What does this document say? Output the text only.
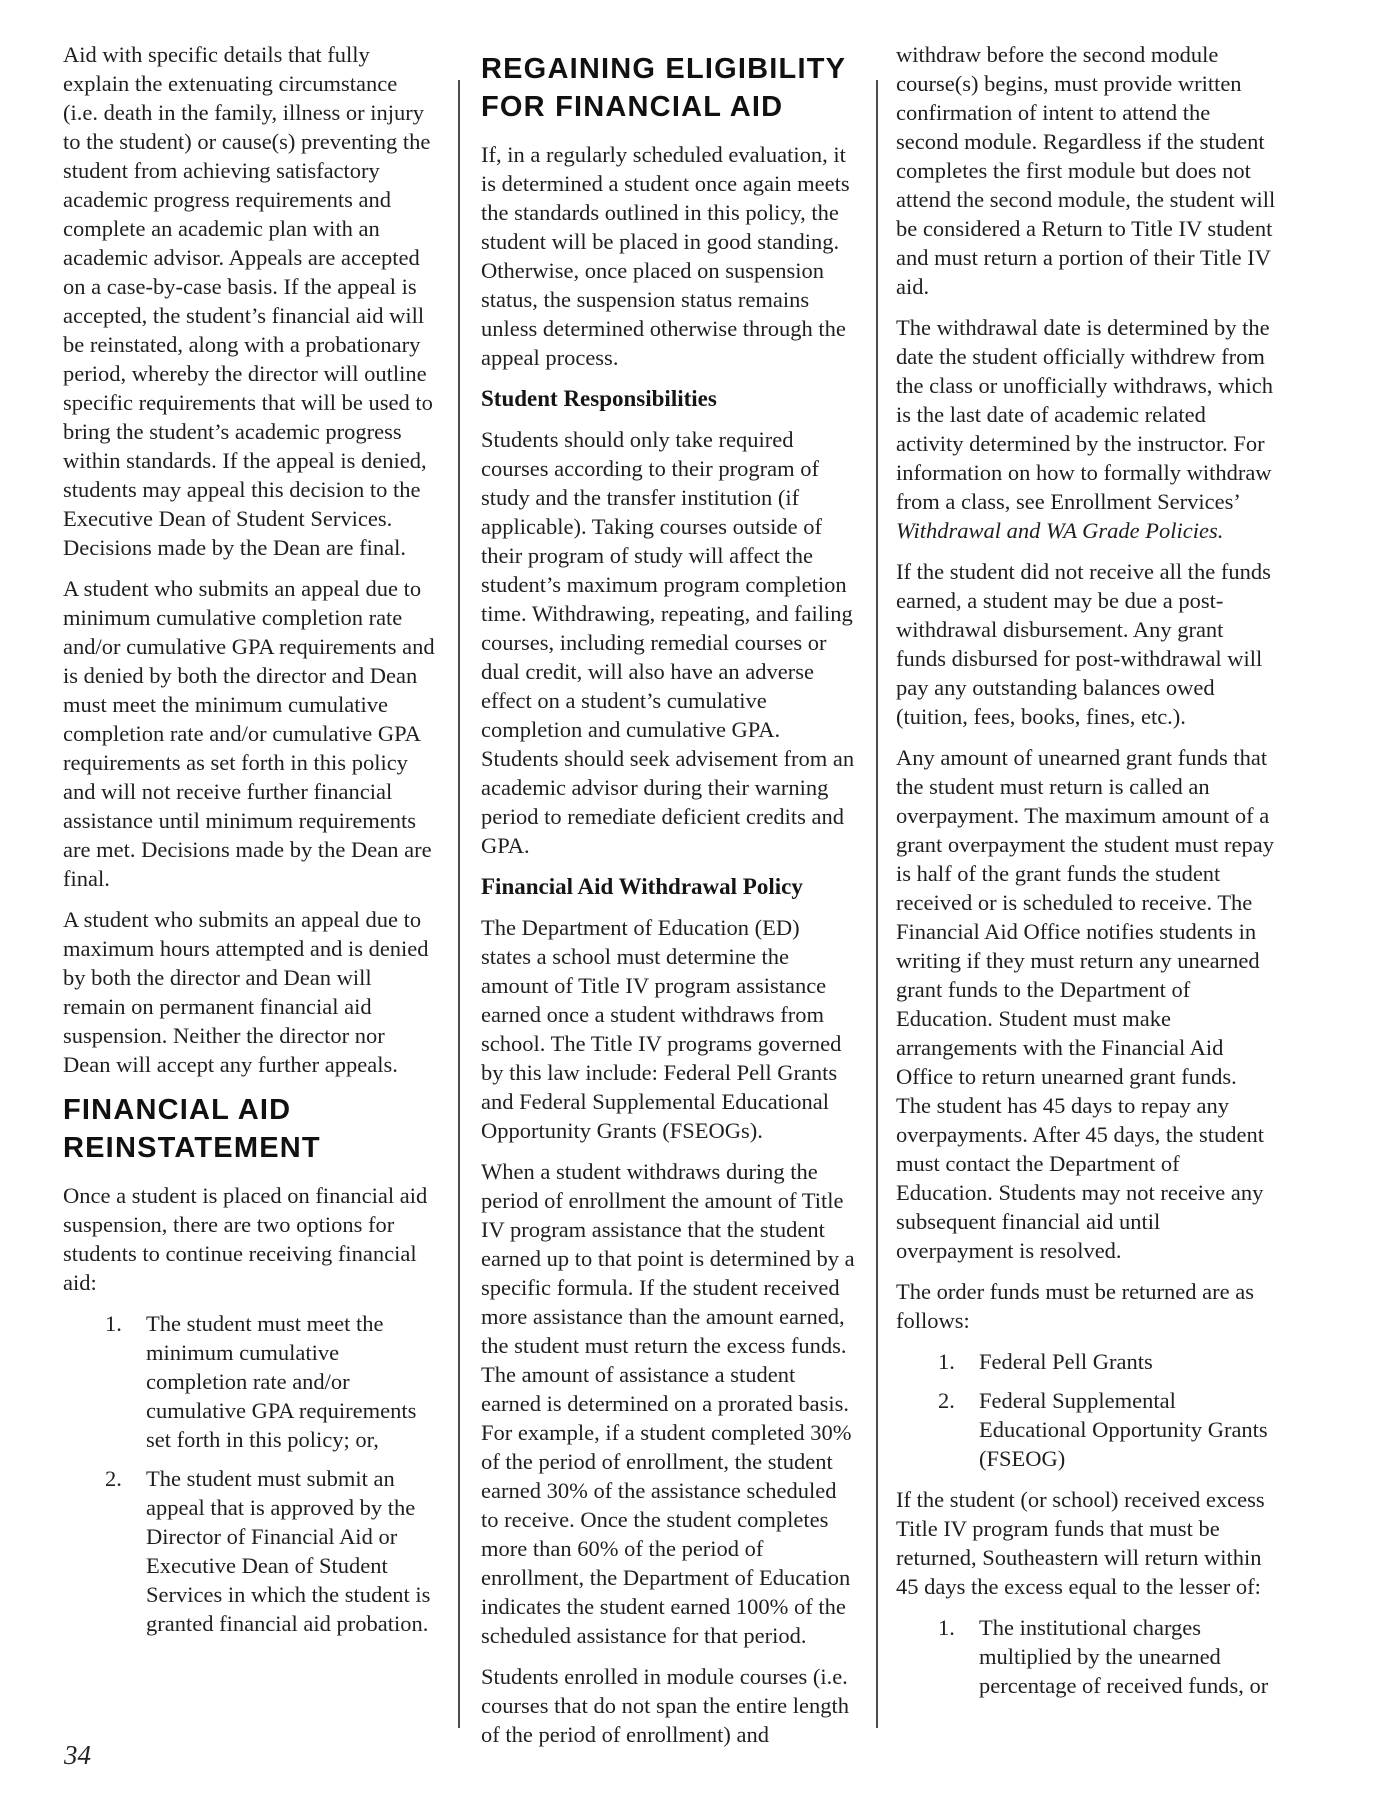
Aid with specific details that fully explain the extenuating circumstance (i.e. death in the family, illness or injury to the student) or cause(s) preventing the student from achieving satisfactory academic progress requirements and complete an academic plan with an academic advisor. Appeals are accepted on a case-by-case basis. If the appeal is accepted, the student’s financial aid will be reinstated, along with a probationary period, whereby the director will outline specific requirements that will be used to bring the student’s academic progress within standards. If the appeal is denied, students may appeal this decision to the Executive Dean of Student Services. Decisions made by the Dean are final.

A student who submits an appeal due to minimum cumulative completion rate and/or cumulative GPA requirements and is denied by both the director and Dean must meet the minimum cumulative completion rate and/or cumulative GPA requirements as set forth in this policy and will not receive further financial assistance until minimum requirements are met. Decisions made by the Dean are final.

A student who submits an appeal due to maximum hours attempted and is denied by both the director and Dean will remain on permanent financial aid suspension. Neither the director nor Dean will accept any further appeals.

FINANCIAL AID REINSTATEMENT

Once a student is placed on financial aid suspension, there are two options for students to continue receiving financial aid:

1.	The student must meet the minimum cumulative completion rate and/or cumulative GPA requirements set forth in this policy; or,
2.	The student must submit an appeal that is approved by the Director of Financial Aid or Executive Dean of Student Services in which the student is granted financial aid probation.
REGAINING ELIGIBILITY FOR FINANCIAL AID

If, in a regularly scheduled evaluation, it is determined a student once again meets the standards outlined in this policy, the student will be placed in good standing. Otherwise, once placed on suspension status, the suspension status remains unless determined otherwise through the appeal process.

Student Responsibilities

Students should only take required courses according to their program of study and the transfer institution (if applicable). Taking courses outside of their program of study will affect the student’s maximum program completion time. Withdrawing, repeating, and failing courses, including remedial courses or dual credit, will also have an adverse effect on a student’s cumulative completion and cumulative GPA. Students should seek advisement from an academic advisor during their warning period to remediate deficient credits and GPA.

Financial Aid Withdrawal Policy

The Department of Education (ED) states a school must determine the amount of Title IV program assistance earned once a student withdraws from school. The Title IV programs governed by this law include: Federal Pell Grants and Federal Supplemental Educational Opportunity Grants (FSEOGs).

When a student withdraws during the period of enrollment the amount of Title IV program assistance that the student earned up to that point is determined by a specific formula. If the student received more assistance than the amount earned, the student must return the excess funds. The amount of assistance a student earned is determined on a prorated basis. For example, if a student completed 30% of the period of enrollment, the student earned 30% of the assistance scheduled to receive. Once the student completes more than 60% of the period of enrollment, the Department of Education indicates the student earned 100% of the scheduled assistance for that period.

Students enrolled in module courses (i.e. courses that do not span the entire length of the period of enrollment) and

withdraw before the second module course(s) begins, must provide written confirmation of intent to attend the second module. Regardless if the student completes the first module but does not attend the second module, the student will be considered a Return to Title IV student and must return a portion of their Title IV aid.

The withdrawal date is determined by the date the student officially withdrew from the class or unofficially withdraws, which is the last date of academic related activity determined by the instructor. For information on how to formally withdraw from a class, see Enrollment Services’ Withdrawal and WA Grade Policies.

If the student did not receive all the funds earned, a student may be due a post-withdrawal disbursement. Any grant funds disbursed for post-withdrawal will pay any outstanding balances owed (tuition, fees, books, fines, etc.).

Any amount of unearned grant funds that the student must return is called an overpayment. The maximum amount of a grant overpayment the student must repay is half of the grant funds the student received or is scheduled to receive. The Financial Aid Office notifies students in writing if they must return any unearned grant funds to the Department of Education. Student must make arrangements with the Financial Aid Office to return unearned grant funds. The student has 45 days to repay any overpayments. After 45 days, the student must contact the Department of Education. Students may not receive any subsequent financial aid until overpayment is resolved.

The order funds must be returned are as follows:

1.	Federal Pell Grants
2.	Federal Supplemental Educational Opportunity Grants (FSEOG)

If the student (or school) received excess Title IV program funds that must be returned, Southeastern will return within 45 days the excess equal to the lesser of:

1.	The institutional charges multiplied by the unearned percentage of received funds, or
34
